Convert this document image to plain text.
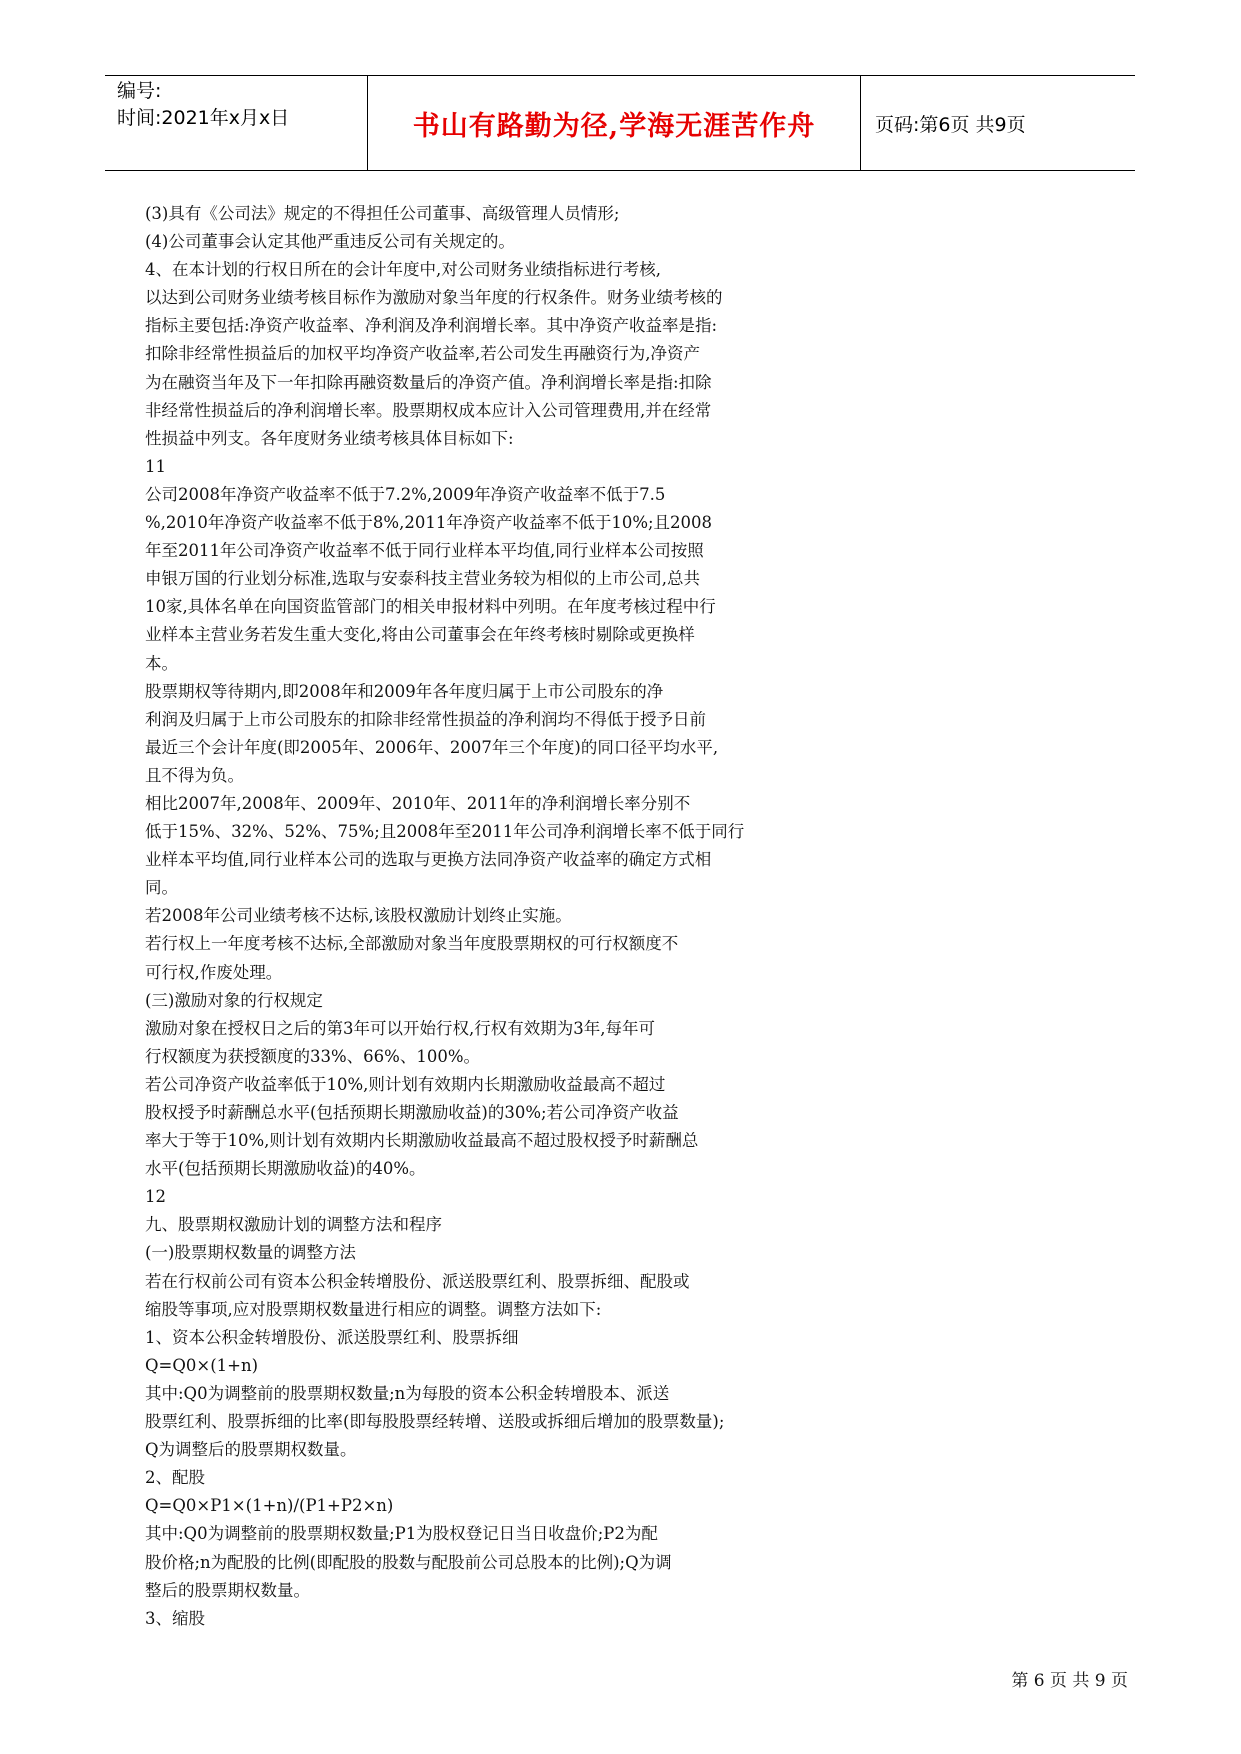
编号:
时间:2021年x月x日	书山有路勤为径,学海无涯苦作舟	页码:第6页 共9页
(3)具有《公司法》规定的不得担任公司董事、高级管理人员情形;
(4)公司董事会认定其他严重违反公司有关规定的。
4、在本计划的行权日所在的会计年度中,对公司财务业绩指标进行考核,
以达到公司财务业绩考核目标作为激励对象当年度的行权条件。财务业绩考核的
指标主要包括:净资产收益率、净利润及净利润增长率。其中净资产收益率是指:
扣除非经常性损益后的加权平均净资产收益率,若公司发生再融资行为,净资产
为在融资当年及下一年扣除再融资数量后的净资产值。净利润增长率是指:扣除
非经常性损益后的净利润增长率。股票期权成本应计入公司管理费用,并在经常
性损益中列支。各年度财务业绩考核具体目标如下:
11
公司2008年净资产收益率不低于7.2%,2009年净资产收益率不低于7.5
%,2010年净资产收益率不低于8%,2011年净资产收益率不低于10%;且2008
年至2011年公司净资产收益率不低于同行业样本平均值,同行业样本公司按照
申银万国的行业划分标准,选取与安泰科技主营业务较为相似的上市公司,总共
10家,具体名单在向国资监管部门的相关申报材料中列明。在年度考核过程中行
业样本主营业务若发生重大变化,将由公司董事会在年终考核时剔除或更换样
本。
股票期权等待期内,即2008年和2009年各年度归属于上市公司股东的净
利润及归属于上市公司股东的扣除非经常性损益的净利润均不得低于授予日前
最近三个会计年度(即2005年、2006年、2007年三个年度)的同口径平均水平,
且不得为负。
相比2007年,2008年、2009年、2010年、2011年的净利润增长率分别不
低于15%、32%、52%、75%;且2008年至2011年公司净利润增长率不低于同行
业样本平均值,同行业样本公司的选取与更换方法同净资产收益率的确定方式相
同。
若2008年公司业绩考核不达标,该股权激励计划终止实施。
若行权上一年度考核不达标,全部激励对象当年度股票期权的可行权额度不
可行权,作废处理。
(三)激励对象的行权规定
激励对象在授权日之后的第3年可以开始行权,行权有效期为3年,每年可
行权额度为获授额度的33%、66%、100%。
若公司净资产收益率低于10%,则计划有效期内长期激励收益最高不超过
股权授予时薪酬总水平(包括预期长期激励收益)的30%;若公司净资产收益
率大于等于10%,则计划有效期内长期激励收益最高不超过股权授予时薪酬总
水平(包括预期长期激励收益)的40%。
12
九、股票期权激励计划的调整方法和程序
(一)股票期权数量的调整方法
若在行权前公司有资本公积金转增股份、派送股票红利、股票拆细、配股或
缩股等事项,应对股票期权数量进行相应的调整。调整方法如下:
1、资本公积金转增股份、派送股票红利、股票拆细
Q=Q0×(1+n)
其中:Q0为调整前的股票期权数量;n为每股的资本公积金转增股本、派送
股票红利、股票拆细的比率(即每股股票经转增、送股或拆细后增加的股票数量);
Q为调整后的股票期权数量。
2、配股
Q=Q0×P1×(1+n)/(P1+P2×n)
其中:Q0为调整前的股票期权数量;P1为股权登记日当日收盘价;P2为配
股价格;n为配股的比例(即配股的股数与配股前公司总股本的比例);Q为调
整后的股票期权数量。
3、缩股
第 6 页 共 9 页
